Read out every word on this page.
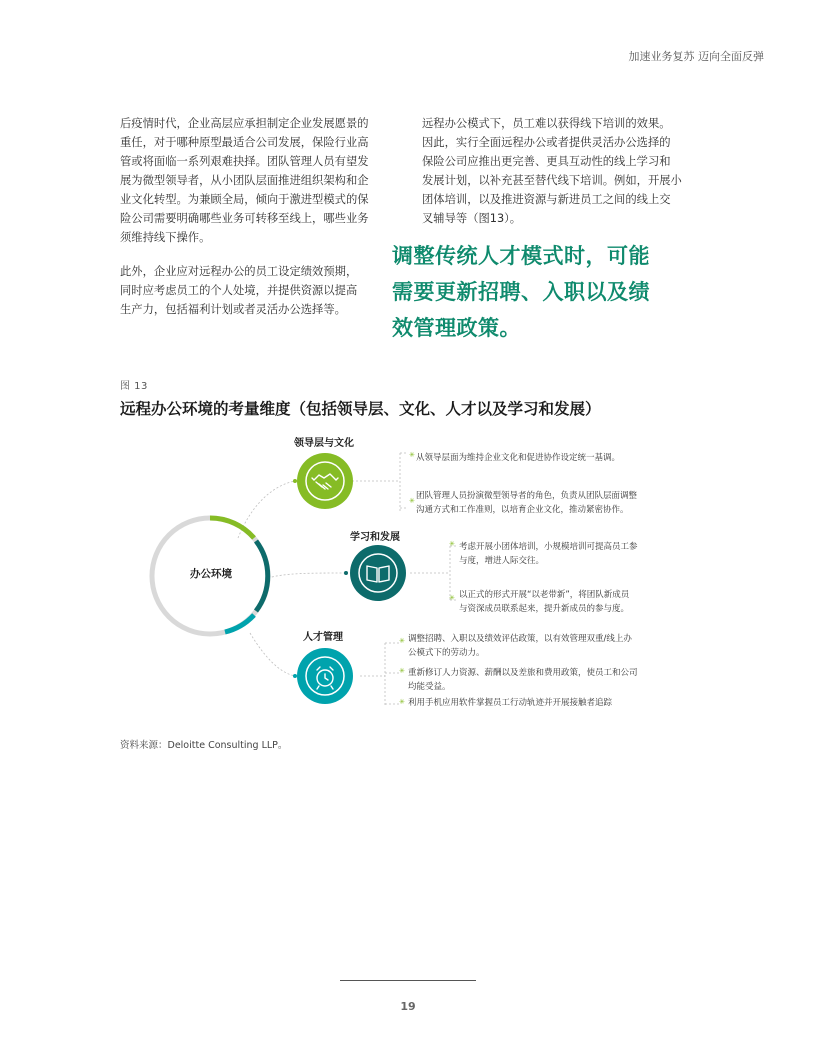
加速业务复苏 迈向全面反弹
后疫情时代，企业高层应承担制定企业发展愿景的
重任，对于哪种原型最适合公司发展，保险行业高
管或将面临一系列艰难抉择。团队管理人员有望发
展为微型领导者，从小团队层面推进组织架构和企
业文化转型。为兼顾全局，倾向于激进型模式的保
险公司需要明确哪些业务可转移至线上，哪些业务
须维持线下操作。
此外，企业应对远程办公的员工设定绩效预期，
同时应考虑员工的个人处境，并提供资源以提高
生产力，包括福利计划或者灵活办公选择等。
远程办公模式下，员工难以获得线下培训的效果。
因此，实行全面远程办公或者提供灵活办公选择的
保险公司应推出更完善、更具互动性的线上学习和
发展计划，以补充甚至替代线下培训。例如，开展小
团体培训，以及推进资源与新进员工之间的线上交
叉辅导等（图13）。
调整传统人才模式时，可能
需要更新招聘、入职以及绩
效管理政策。
图 13
远程办公环境的考量维度（包括领导层、文化、人才以及学习和发展）
✳
✳
✳
✳
✳
✳
✳
办公环境
领导层与文化
学习和发展
人才管理
从领导层面为维持企业文化和促进协作设定统一基调。
团队管理人员扮演微型领导者的角色，负责从团队层面调整
沟通方式和工作准则，以培育企业文化，推动紧密协作。
考虑开展小团体培训，小规模培训可提高员工参
与度，增进人际交往。
以正式的形式开展“以老带新”，将团队新成员
与资深成员联系起来，提升新成员的参与度。
调整招聘、入职以及绩效评估政策，以有效管理双重/线上办
公模式下的劳动力。
重新修订人力资源、薪酬以及差旅和费用政策，使员工和公司
均能受益。
利用手机应用软件掌握员工行动轨迹并开展接触者追踪
资料来源：Deloitte Consulting LLP。
19
